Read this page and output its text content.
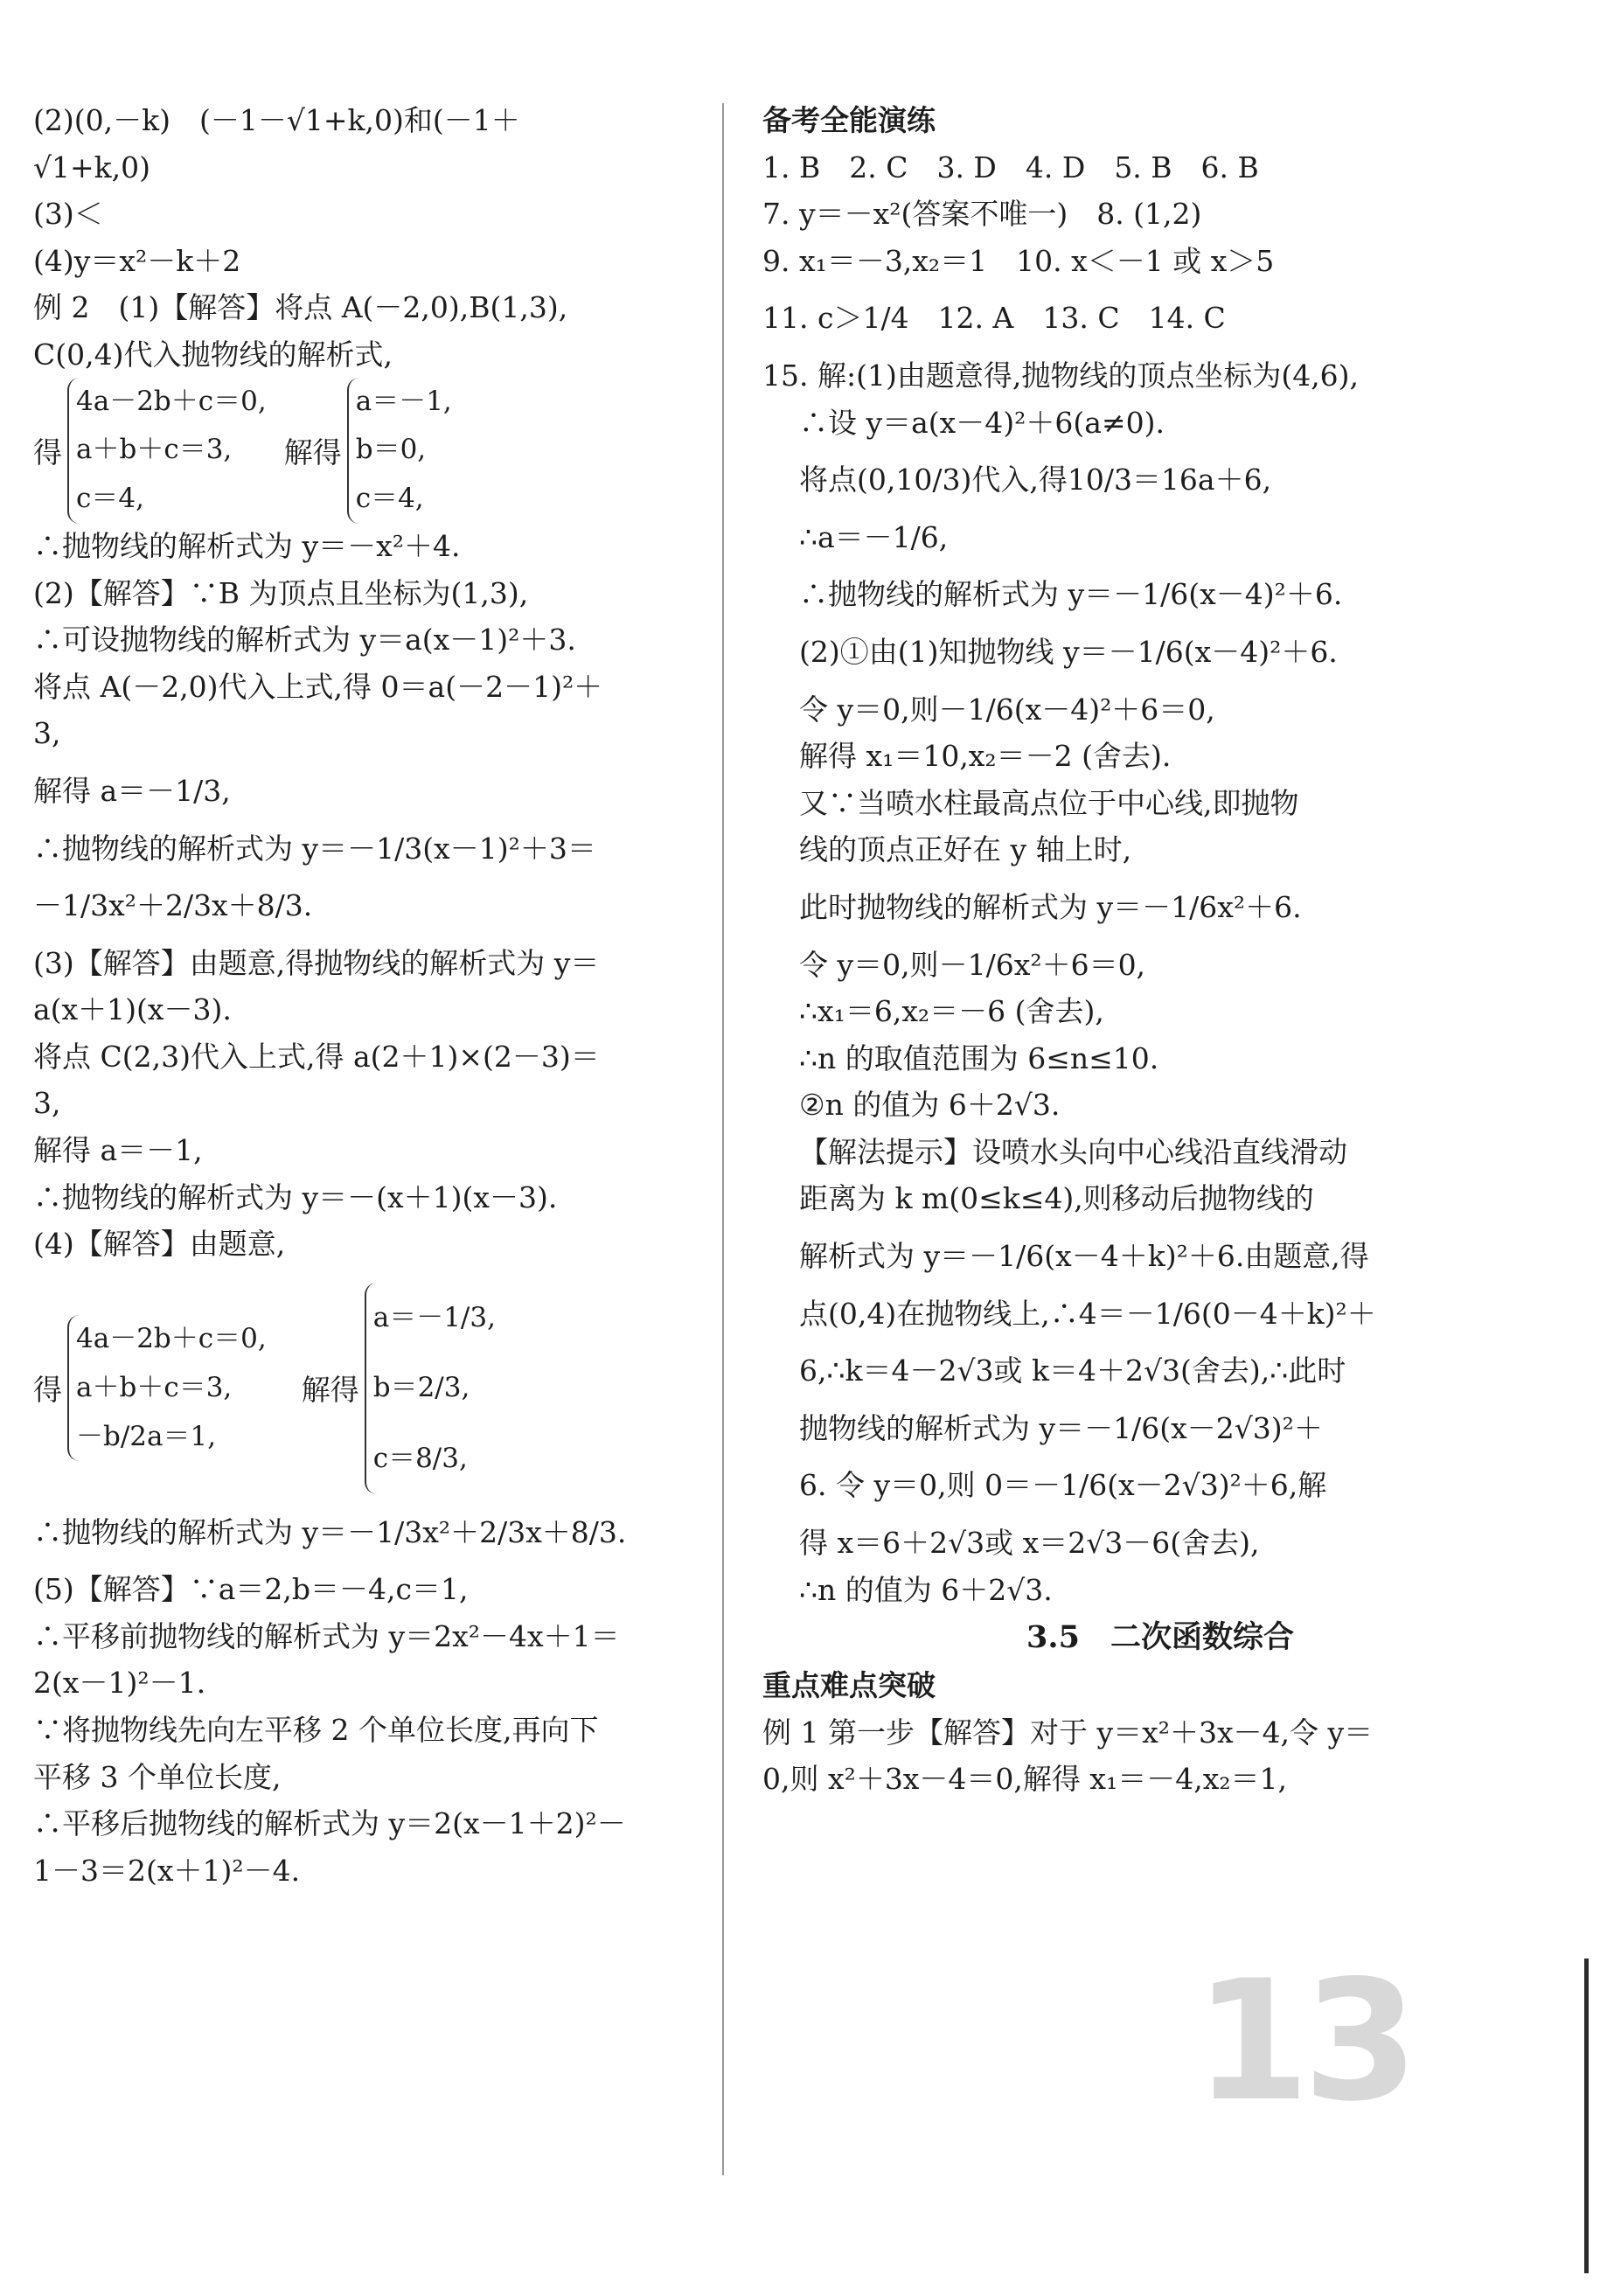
13

(2)(0,－k)　(－1－√1+k,0)和(－1＋

√1+k,0)

(3)＜

(4)y＝x²－k＋2

例 2　(1)【解答】将点 A(－2,0),B(1,3),

C(0,4)代入抛物线的解析式,

得

4a－2b＋c＝0,

a＋b＋c＝3,

c＝4,

解得

a＝－1,

b＝0,

c＝4,

∴抛物线的解析式为 y＝－x²＋4.

(2)【解答】∵B 为顶点且坐标为(1,3),

∴可设抛物线的解析式为 y＝a(x－1)²＋3.

将点 A(－2,0)代入上式,得 0＝a(－2－1)²＋

3,

解得 a＝－1/3,

∴抛物线的解析式为 y＝－1/3(x－1)²＋3＝

－1/3x²＋2/3x＋8/3.

(3)【解答】由题意,得抛物线的解析式为 y＝

a(x＋1)(x－3).

将点 C(2,3)代入上式,得 a(2＋1)×(2－3)＝

3,

解得 a＝－1,

∴抛物线的解析式为 y＝－(x＋1)(x－3).

(4)【解答】由题意,

得

4a－2b＋c＝0,

a＋b＋c＝3,

－b/2a＝1,

解得

a＝－1/3,

b＝2/3,

c＝8/3,

∴抛物线的解析式为 y＝－1/3x²＋2/3x＋8/3.

(5)【解答】∵a＝2,b＝－4,c＝1,

∴平移前抛物线的解析式为 y＝2x²－4x＋1＝

2(x－1)²－1.

∵将抛物线先向左平移 2 个单位长度,再向下

平移 3 个单位长度,

∴平移后抛物线的解析式为 y＝2(x－1＋2)²－

1－3＝2(x＋1)²－4.

备考全能演练

1. B　2. C　3. D　4. D　5. B　6. B

7. y＝－x²(答案不唯一)　8. (1,2)

9. x₁＝－3,x₂＝1　10. x＜－1 或 x＞5

11. c＞1/4　12. A　13. C　14. C

15. 解:(1)由题意得,抛物线的顶点坐标为(4,6),

∴设 y＝a(x－4)²＋6(a≠0).

将点(0,10/3)代入,得10/3＝16a＋6,

∴a＝－1/6,

∴抛物线的解析式为 y＝－1/6(x－4)²＋6.

(2)①由(1)知抛物线 y＝－1/6(x－4)²＋6.

令 y＝0,则－1/6(x－4)²＋6＝0,

解得 x₁＝10,x₂＝－2 (舍去).

又∵当喷水柱最高点位于中心线,即抛物

线的顶点正好在 y 轴上时,

此时抛物线的解析式为 y＝－1/6x²＋6.

令 y＝0,则－1/6x²＋6＝0,

∴x₁＝6,x₂＝－6 (舍去),

∴n 的取值范围为 6≤n≤10.

②n 的值为 6＋2√3.

【解法提示】设喷水头向中心线沿直线滑动

距离为 k m(0≤k≤4),则移动后抛物线的

解析式为 y＝－1/6(x－4＋k)²＋6.由题意,得

点(0,4)在抛物线上,∴4＝－1/6(0－4＋k)²＋

6,∴k＝4－2√3或 k＝4＋2√3(舍去),∴此时

抛物线的解析式为 y＝－1/6(x－2√3)²＋

6. 令 y＝0,则 0＝－1/6(x－2√3)²＋6,解

得 x＝6＋2√3或 x＝2√3－6(舍去),

∴n 的值为 6＋2√3.

3.5　二次函数综合

重点难点突破

例 1 第一步【解答】对于 y＝x²＋3x－4,令 y＝

0,则 x²＋3x－4＝0,解得 x₁＝－4,x₂＝1,
